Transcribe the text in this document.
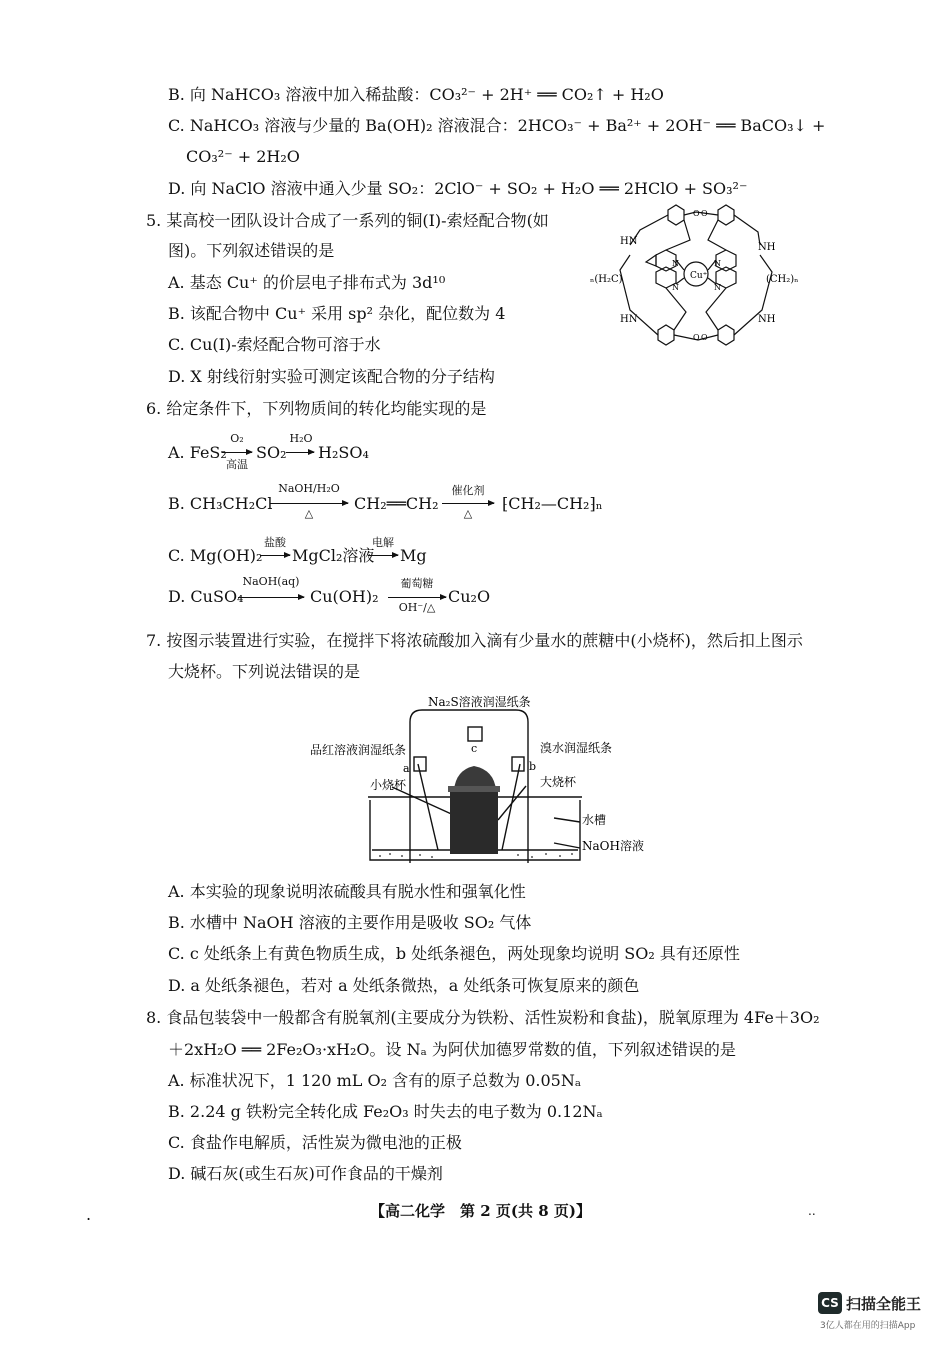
B. 向 NaHCO₃ 溶液中加入稀盐酸：CO₃²⁻ + 2H⁺ ══ CO₂↑ + H₂O
C. NaHCO₃ 溶液与少量的 Ba(OH)₂ 溶液混合：2HCO₃⁻ + Ba²⁺ + 2OH⁻ ══ BaCO₃↓ +
CO₃²⁻ + 2H₂O
D. 向 NaClO 溶液中通入少量 SO₂：2ClO⁻ + SO₂ + H₂O ══ 2HClO + SO₃²⁻
5. 某高校一团队设计合成了一系列的铜(Ⅰ)-索烃配合物(如
图)。下列叙述错误的是
A. 基态 Cu⁺ 的价层电子排布式为 3d¹⁰
B. 该配合物中 Cu⁺ 采用 sp² 杂化，配位数为 4
C. Cu(Ⅰ)-索烃配合物可溶于水
D. X 射线衍射实验可测定该配合物的分子结构
Cu⁺
HN
NH
HN	NH
ₙ(H₂C)	(CH₂)ₙ
N	N
N	N
O O
O O
6. 给定条件下，下列物质间的转化均能实现的是
A. FeS₂
O₂
高温
SO₂
H₂O
H₂SO₄
B. CH₃CH₂Cl
NaOH/H₂O
△
CH₂══CH₂
催化剂
△
⁅CH₂—CH₂⁆ₙ
C. Mg(OH)₂
盐酸
MgCl₂溶液
电解
Mg
D. CuSO₄
NaOH(aq)
Cu(OH)₂
葡萄糖
OH⁻/△
Cu₂O
7. 按图示装置进行实验，在搅拌下将浓硫酸加入滴有少量水的蔗糖中(小烧杯)，然后扣上图示
大烧杯。下列说法错误的是
Na₂S溶液润湿纸条
品红溶液润湿纸条	溴水润湿纸条
小烧杯	大烧杯
水槽
NaOH溶液
a	b
c
A. 本实验的现象说明浓硫酸具有脱水性和强氧化性
B. 水槽中 NaOH 溶液的主要作用是吸收 SO₂ 气体
C. c 处纸条上有黄色物质生成，b 处纸条褪色，两处现象均说明 SO₂ 具有还原性
D. a 处纸条褪色，若对 a 处纸条微热，a 处纸条可恢复原来的颜色
8. 食品包装袋中一般都含有脱氧剂(主要成分为铁粉、活性炭粉和食盐)，脱氧原理为 4Fe＋3O₂
＋2xH₂O ══ 2Fe₂O₃·xH₂O。设 Nₐ 为阿伏加德罗常数的值，下列叙述错误的是
A. 标准状况下，1 120 mL O₂ 含有的原子总数为 0.05Nₐ
B. 2.24 g 铁粉完全转化成 Fe₂O₃ 时失去的电子数为 0.12Nₐ
C. 食盐作电解质，活性炭为微电池的正极
D. 碱石灰(或生石灰)可作食品的干燥剂
【高二化学　第 2 页(共 8 页)】
.	..
CS 扫描全能王
3亿人都在用的扫描App
